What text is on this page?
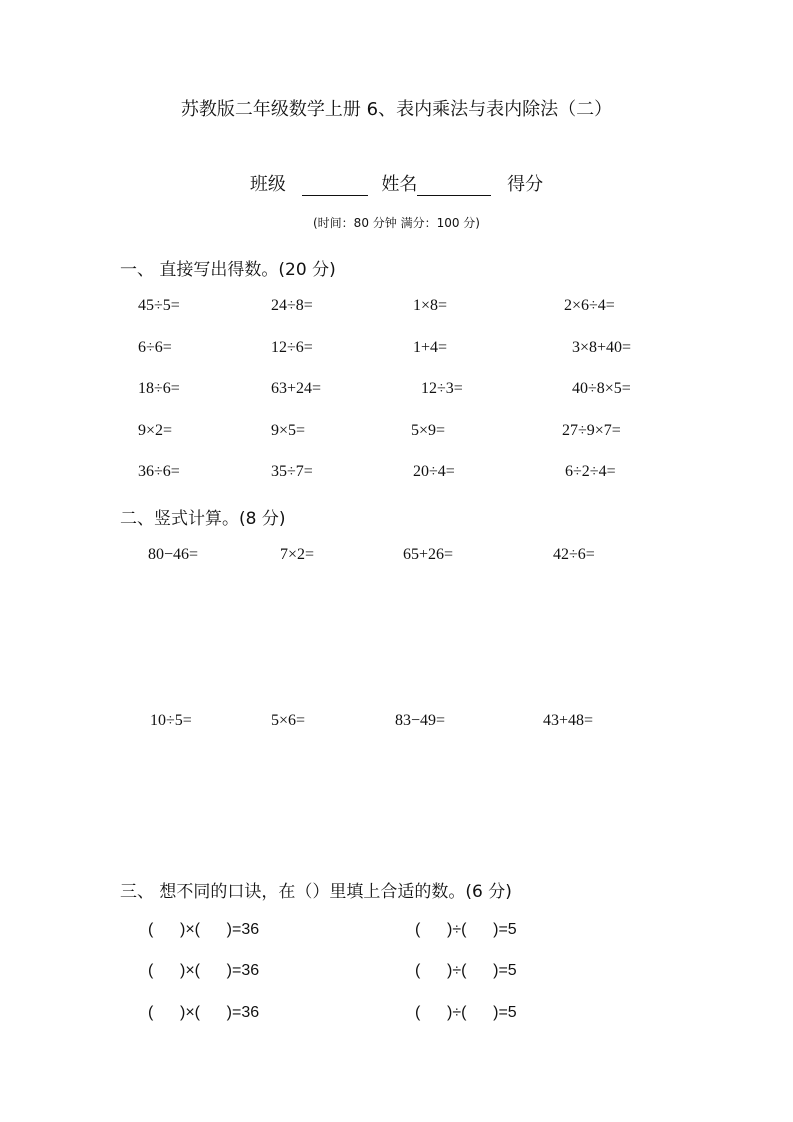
苏教版二年级数学上册 6、表内乘法与表内除法（二）
班级	姓名	得分
(时间：80 分钟 满分：100 分)
一、 直接写出得数。(20 分)
45÷5=	24÷8=	1×8=	2×6÷4=
6÷6=	12÷6=	1+4=	3×8+40=
18÷6=	63+24=	12÷3=	40÷8×5=
9×2=	9×5=	5×9=	27÷9×7=
36÷6=	35÷7=	20÷4=	6÷2÷4=
二、竖式计算。(8 分)
80−46=	7×2=	65+26=	42÷6=
10÷5=	5×6=	83−49=	43+48=
三、 想不同的口诀，在（）里填上合适的数。(6 分)
(      )×(      )=36	(      )÷(      )=5
(      )×(      )=36	(      )÷(      )=5
(      )×(      )=36	(      )÷(      )=5
